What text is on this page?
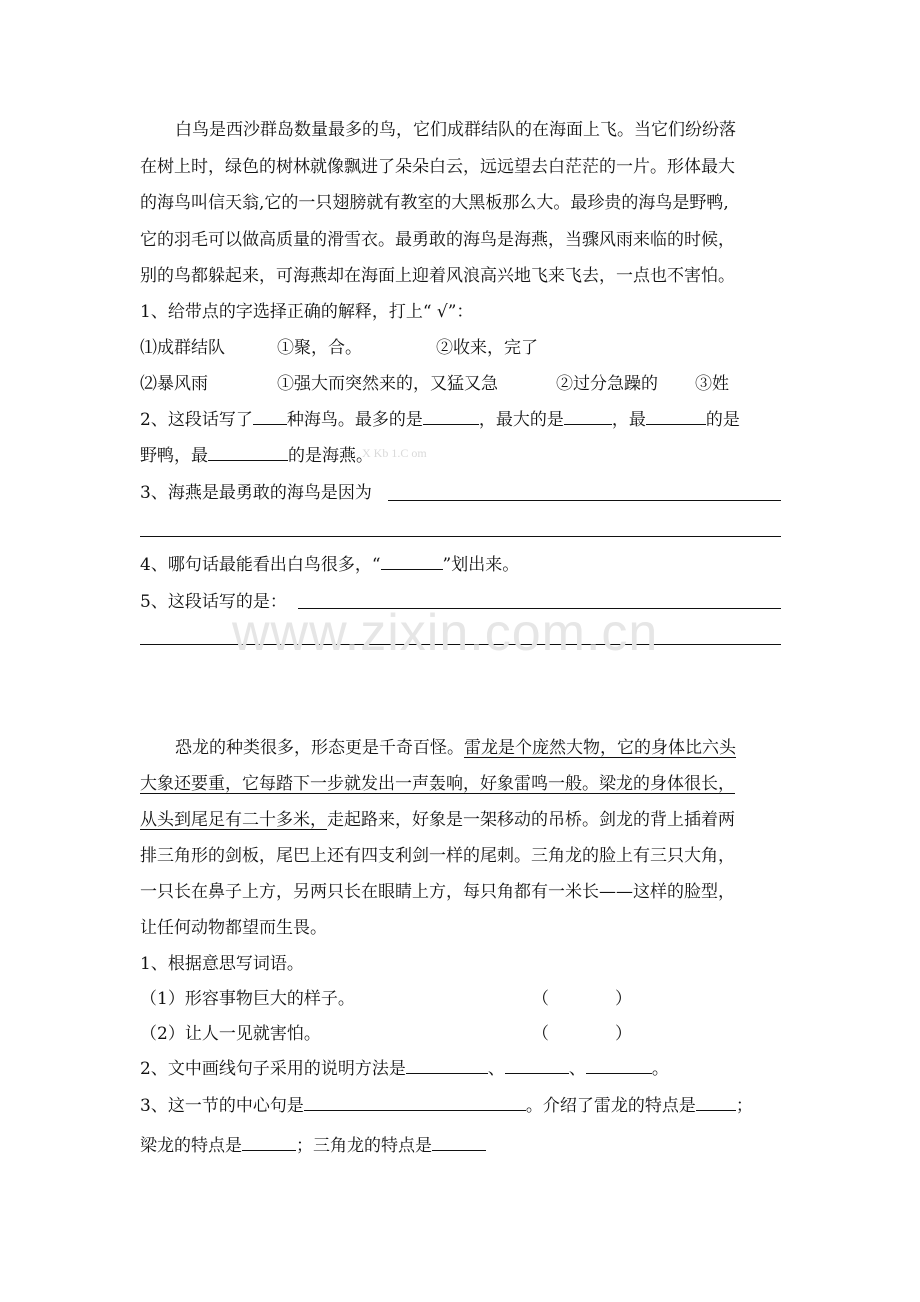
白鸟是西沙群岛数量最多的鸟，它们成群结队的在海面上飞。当它们纷纷落
在树上时，绿色的树林就像飘进了朵朵白云，远远望去白茫茫的一片。形体最大
的海鸟叫信天翁,它的一只翅膀就有教室的大黑板那么大。最珍贵的海鸟是野鸭,
它的羽毛可以做高质量的滑雪衣。最勇敢的海鸟是海燕，当骤风雨来临的时候，
别的鸟都躲起来，可海燕却在海面上迎着风浪高兴地飞来飞去，一点也不害怕。
1、给带点的字选择正确的解释，打上“ √”：
⑴成群结队	①聚，合。	②收来，完了
⑵暴风雨	①强大而突然来的，又猛又急	②过分急躁的 ③姓
2、这段话写了 种海鸟。最多的是	，最大的是	，最	的是
野鸭，最	的是海燕。
X Kb 1.C om
3、海燕是最勇敢的海鸟是因为
4、哪句话最能看出白鸟很多，“	”划出来。
5、这段话写的是：
www.zixin.com.cn
恐龙的种类很多，形态更是千奇百怪。雷龙是个庞然大物，它的身体比六头
大象还要重，它每踏下一步就发出一声轰响，好象雷鸣一般。梁龙的身体很长，
从头到尾足有二十多米，走起路来，好象是一架移动的吊桥。剑龙的背上插着两
排三角形的剑板，尾巴上还有四支利剑一样的尾刺。三角龙的脸上有三只大角，
一只长在鼻子上方，另两只长在眼睛上方，每只角都有一米长——这样的脸型，
让任何动物都望而生畏。
1、根据意思写词语。
（1）形容事物巨大的样子。	（	）
（2）让人一见就害怕。	（	）
2、文中画线句子采用的说明方法是	、	、	。
3、这一节的中心句是	。介绍了雷龙的特点是 ；
梁龙的特点是	；三角龙的特点是
